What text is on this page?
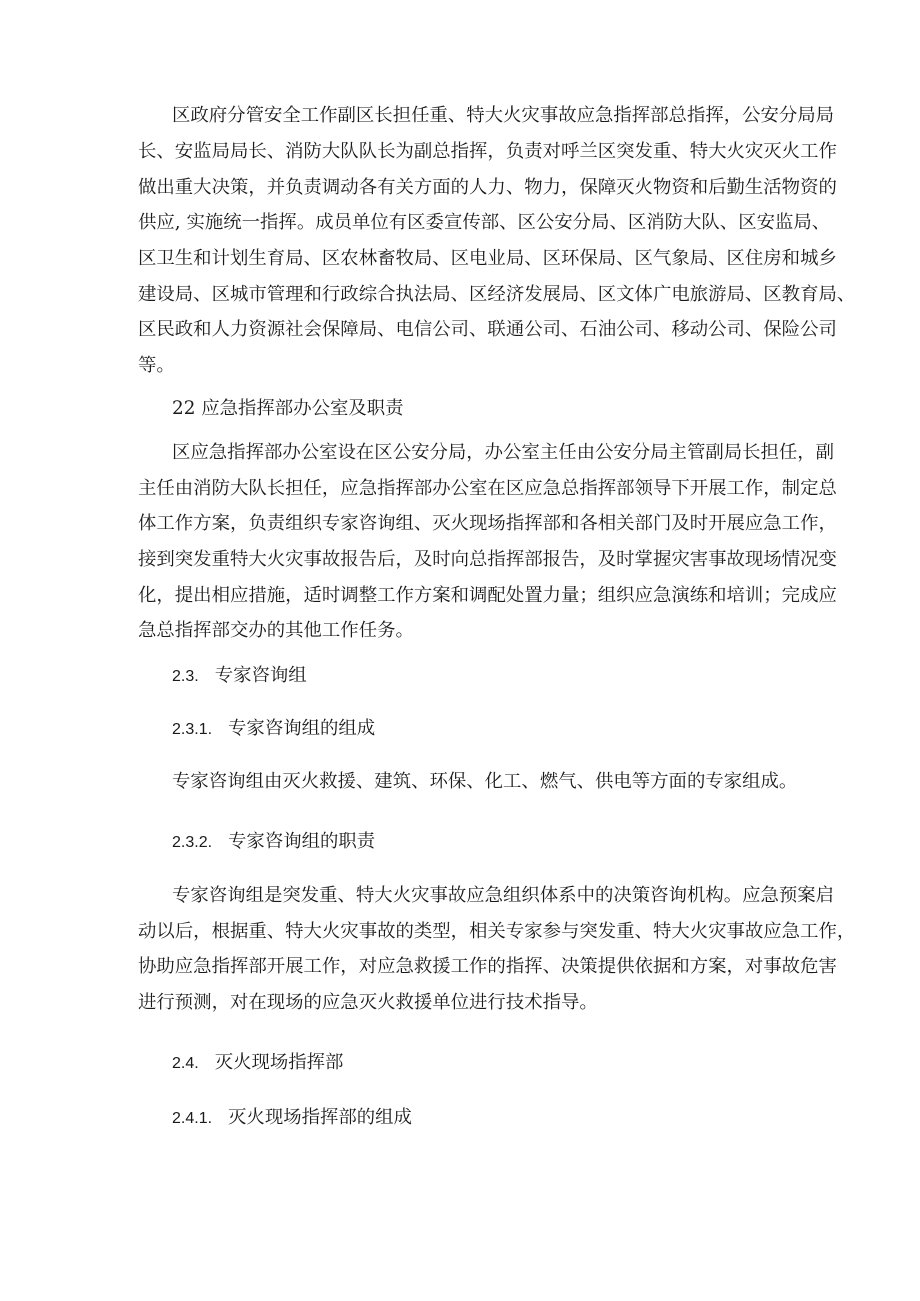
区政府分管安全工作副区长担任重、特大火灾事故应急指挥部总指挥，公安分局局
长、安监局局长、消防大队队长为副总指挥，负责对呼兰区突发重、特大火灾灭火工作
做出重大决策，并负责调动各有关方面的人力、物力，保障灭火物资和后勤生活物资的
供应, 实施统一指挥。成员单位有区委宣传部、区公安分局、区消防大队、区安监局、
区卫生和计划生育局、区农林畜牧局、区电业局、区环保局、区气象局、区住房和城乡
建设局、区城市管理和行政综合执法局、区经济发展局、区文体广电旅游局、区教育局、
区民政和人力资源社会保障局、电信公司、联通公司、石油公司、移动公司、保险公司
等。
22 应急指挥部办公室及职责
区应急指挥部办公室设在区公安分局，办公室主任由公安分局主管副局长担任，副
主任由消防大队长担任，应急指挥部办公室在区应急总指挥部领导下开展工作，制定总
体工作方案，负责组织专家咨询组、灭火现场指挥部和各相关部门及时开展应急工作，
接到突发重特大火灾事故报告后，及时向总指挥部报告，及时掌握灾害事故现场情况变
化，提出相应措施，适时调整工作方案和调配处置力量；组织应急演练和培训；完成应
急总指挥部交办的其他工作任务。
2.3. 专家咨询组
2.3.1. 专家咨询组的组成
专家咨询组由灭火救援、建筑、环保、化工、燃气、供电等方面的专家组成。
2.3.2. 专家咨询组的职责
专家咨询组是突发重、特大火灾事故应急组织体系中的决策咨询机构。应急预案启
动以后，根据重、特大火灾事故的类型，相关专家参与突发重、特大火灾事故应急工作，
协助应急指挥部开展工作，对应急救援工作的指挥、决策提供依据和方案，对事故危害
进行预测，对在现场的应急灭火救援单位进行技术指导。
2.4. 灭火现场指挥部
2.4.1. 灭火现场指挥部的组成
